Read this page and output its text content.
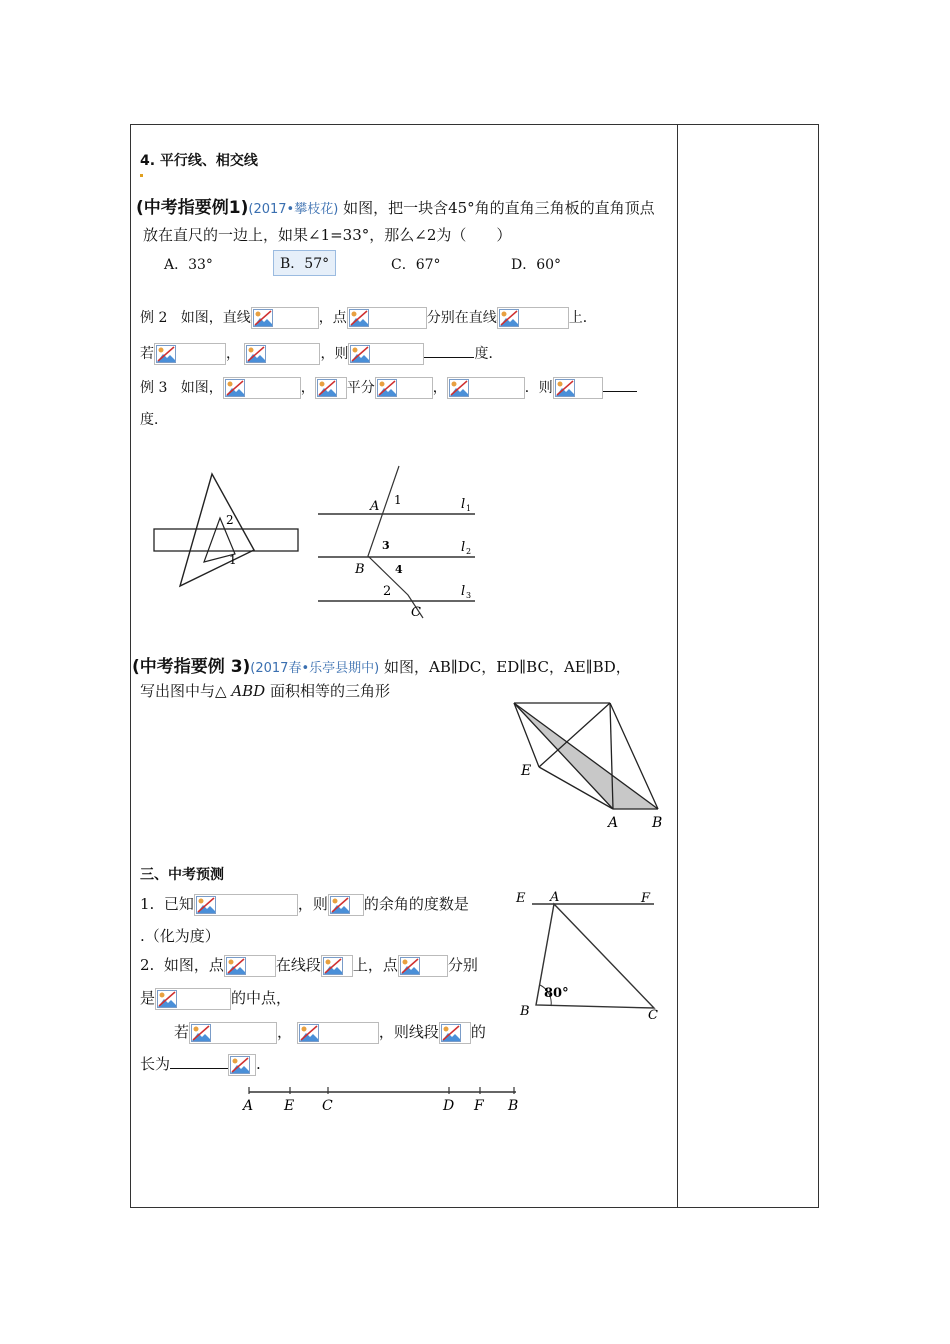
4. 平行线、相交线
(中考指要例1)(2017•攀枝花) 如图，把一块含45°角的直角三角板的直角顶点
放在直尺的一边上，如果∠1=33°，那么∠2为（　　）
A．33°	B．57°	C．67°	D．60°
例 2 如图，直线	，点	分别在直线	上．
若	，	，则	度．
例 3 如图，	， 平分	，	．则
度．
2
1
A 1
3
B	4
2
C
l 1
l 2
l 3
(中考指要例 3)(2017春•乐亭县期中) 如图，AB∥DC，ED∥BC，AE∥BD，
写出图中与△ ABD 面积相等的三角形
E
A B
三、中考预测
1. 已知	，则 的余角的度数是
.（化为度）
2. 如图，点	在线段 上，点	分别
是	的中点，
若	，	，则线段 的
长为	.
E A	F
80°
B	C
A E C	D F B
